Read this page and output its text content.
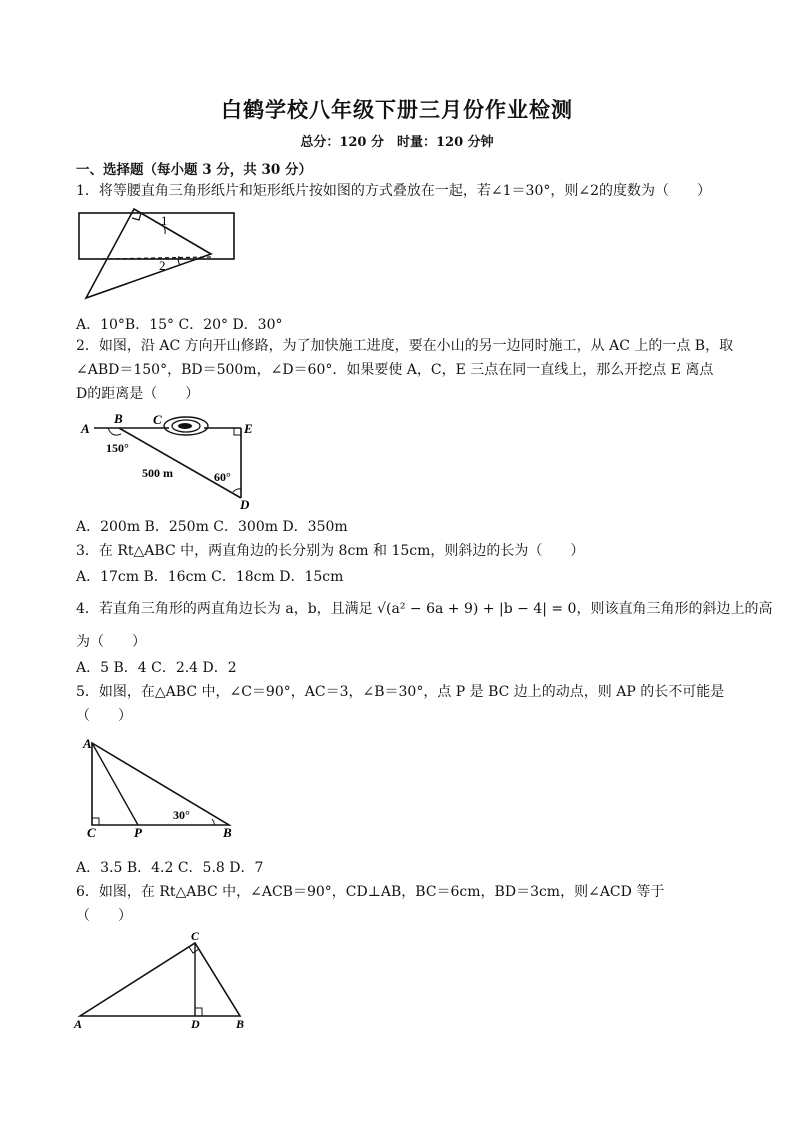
白鹤学校八年级下册三月份作业检测
总分：120 分　时量：120 分钟
一、选择题（每小题 3 分，共 30 分）
1．将等腰直角三角形纸片和矩形纸片按如图的方式叠放在一起，若∠1＝30°，则∠2的度数为（　　）
1
2
A．10°B．15° C．20° D．30°
2．如图，沿 AC 方向开山修路，为了加快施工进度，要在小山的另一边同时施工，从 AC 上的一点 B，取
∠ABD＝150°，BD＝500m，∠D＝60°．如果要使 A，C，E 三点在同一直线上，那么开挖点 E 离点
D的距离是（　　）
A
B C
E
150°
500 m	60°
D
A．200m B．250m C．300m D．350m
3．在 Rt△ABC 中，两直角边的长分别为 8cm 和 15cm，则斜边的长为（　　）
A．17cm B．16cm C．18cm D．15cm
4．若直角三角形的两直角边长为 a，b，且满足 √(a² − 6a + 9) + |b − 4| = 0，则该直角三角形的斜边上的高
为（　　）
A．5 B．4 C．2.4 D．2
5．如图，在△ABC 中，∠C＝90°，AC＝3，∠B＝30°，点 P 是 BC 边上的动点，则 AP 的长不可能是
（　　）
A
C	P
30°
B
A．3.5 B．4.2 C．5.8 D．7
6．如图，在 Rt△ABC 中，∠ACB＝90°，CD⊥AB，BC＝6cm，BD＝3cm，则∠ACD 等于
（　　）
C
A	D	B
